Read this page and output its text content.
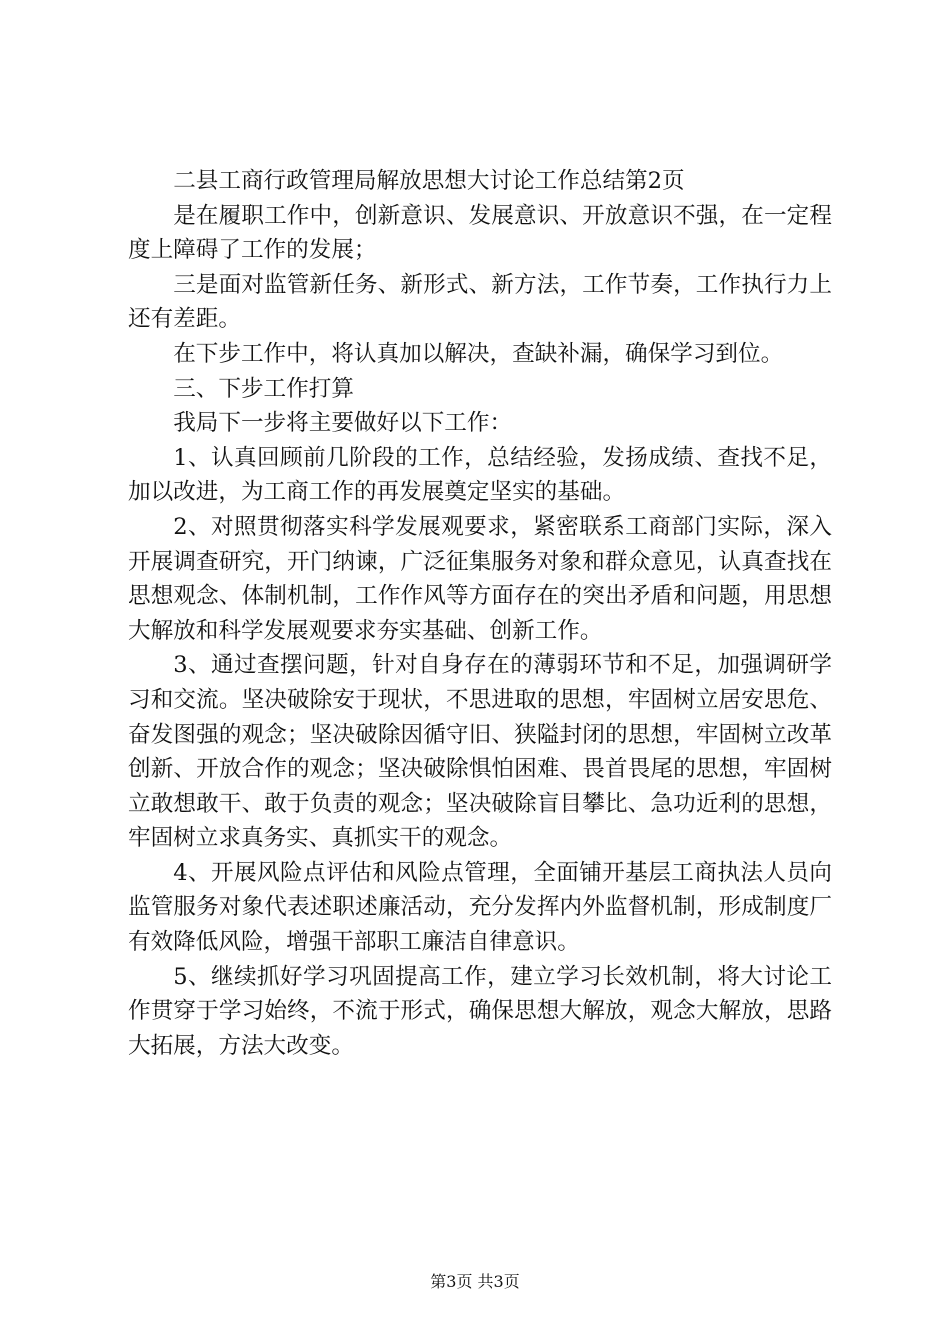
二县工商行政管理局解放思想大讨论工作总结第2页

是在履职工作中，创新意识、发展意识、开放意识不强，在一定程度上障碍了工作的发展；

三是面对监管新任务、新形式、新方法，工作节奏，工作执行力上还有差距。

在下步工作中，将认真加以解决，查缺补漏，确保学习到位。

三、下步工作打算

我局下一步将主要做好以下工作：

1、认真回顾前几阶段的工作，总结经验，发扬成绩、查找不足，加以改进，为工商工作的再发展奠定坚实的基础。

2、对照贯彻落实科学发展观要求，紧密联系工商部门实际，深入开展调查研究，开门纳谏，广泛征集服务对象和群众意见，认真查找在思想观念、体制机制，工作作风等方面存在的突出矛盾和问题，用思想大解放和科学发展观要求夯实基础、创新工作。

3、通过查摆问题，针对自身存在的薄弱环节和不足，加强调研学习和交流。坚决破除安于现状，不思进取的思想，牢固树立居安思危、奋发图强的观念；坚决破除因循守旧、狭隘封闭的思想，牢固树立改革创新、开放合作的观念；坚决破除惧怕困难、畏首畏尾的思想，牢固树立敢想敢干、敢于负责的观念；坚决破除盲目攀比、急功近利的思想，牢固树立求真务实、真抓实干的观念。

4、开展风险点评估和风险点管理，全面铺开基层工商执法人员向监管服务对象代表述职述廉活动，充分发挥内外监督机制，形成制度厂有效降低风险，增强干部职工廉洁自律意识。

5、继续抓好学习巩固提高工作，建立学习长效机制，将大讨论工作贯穿于学习始终，不流于形式，确保思想大解放，观念大解放，思路大拓展，方法大改变。

第3页 共3页
